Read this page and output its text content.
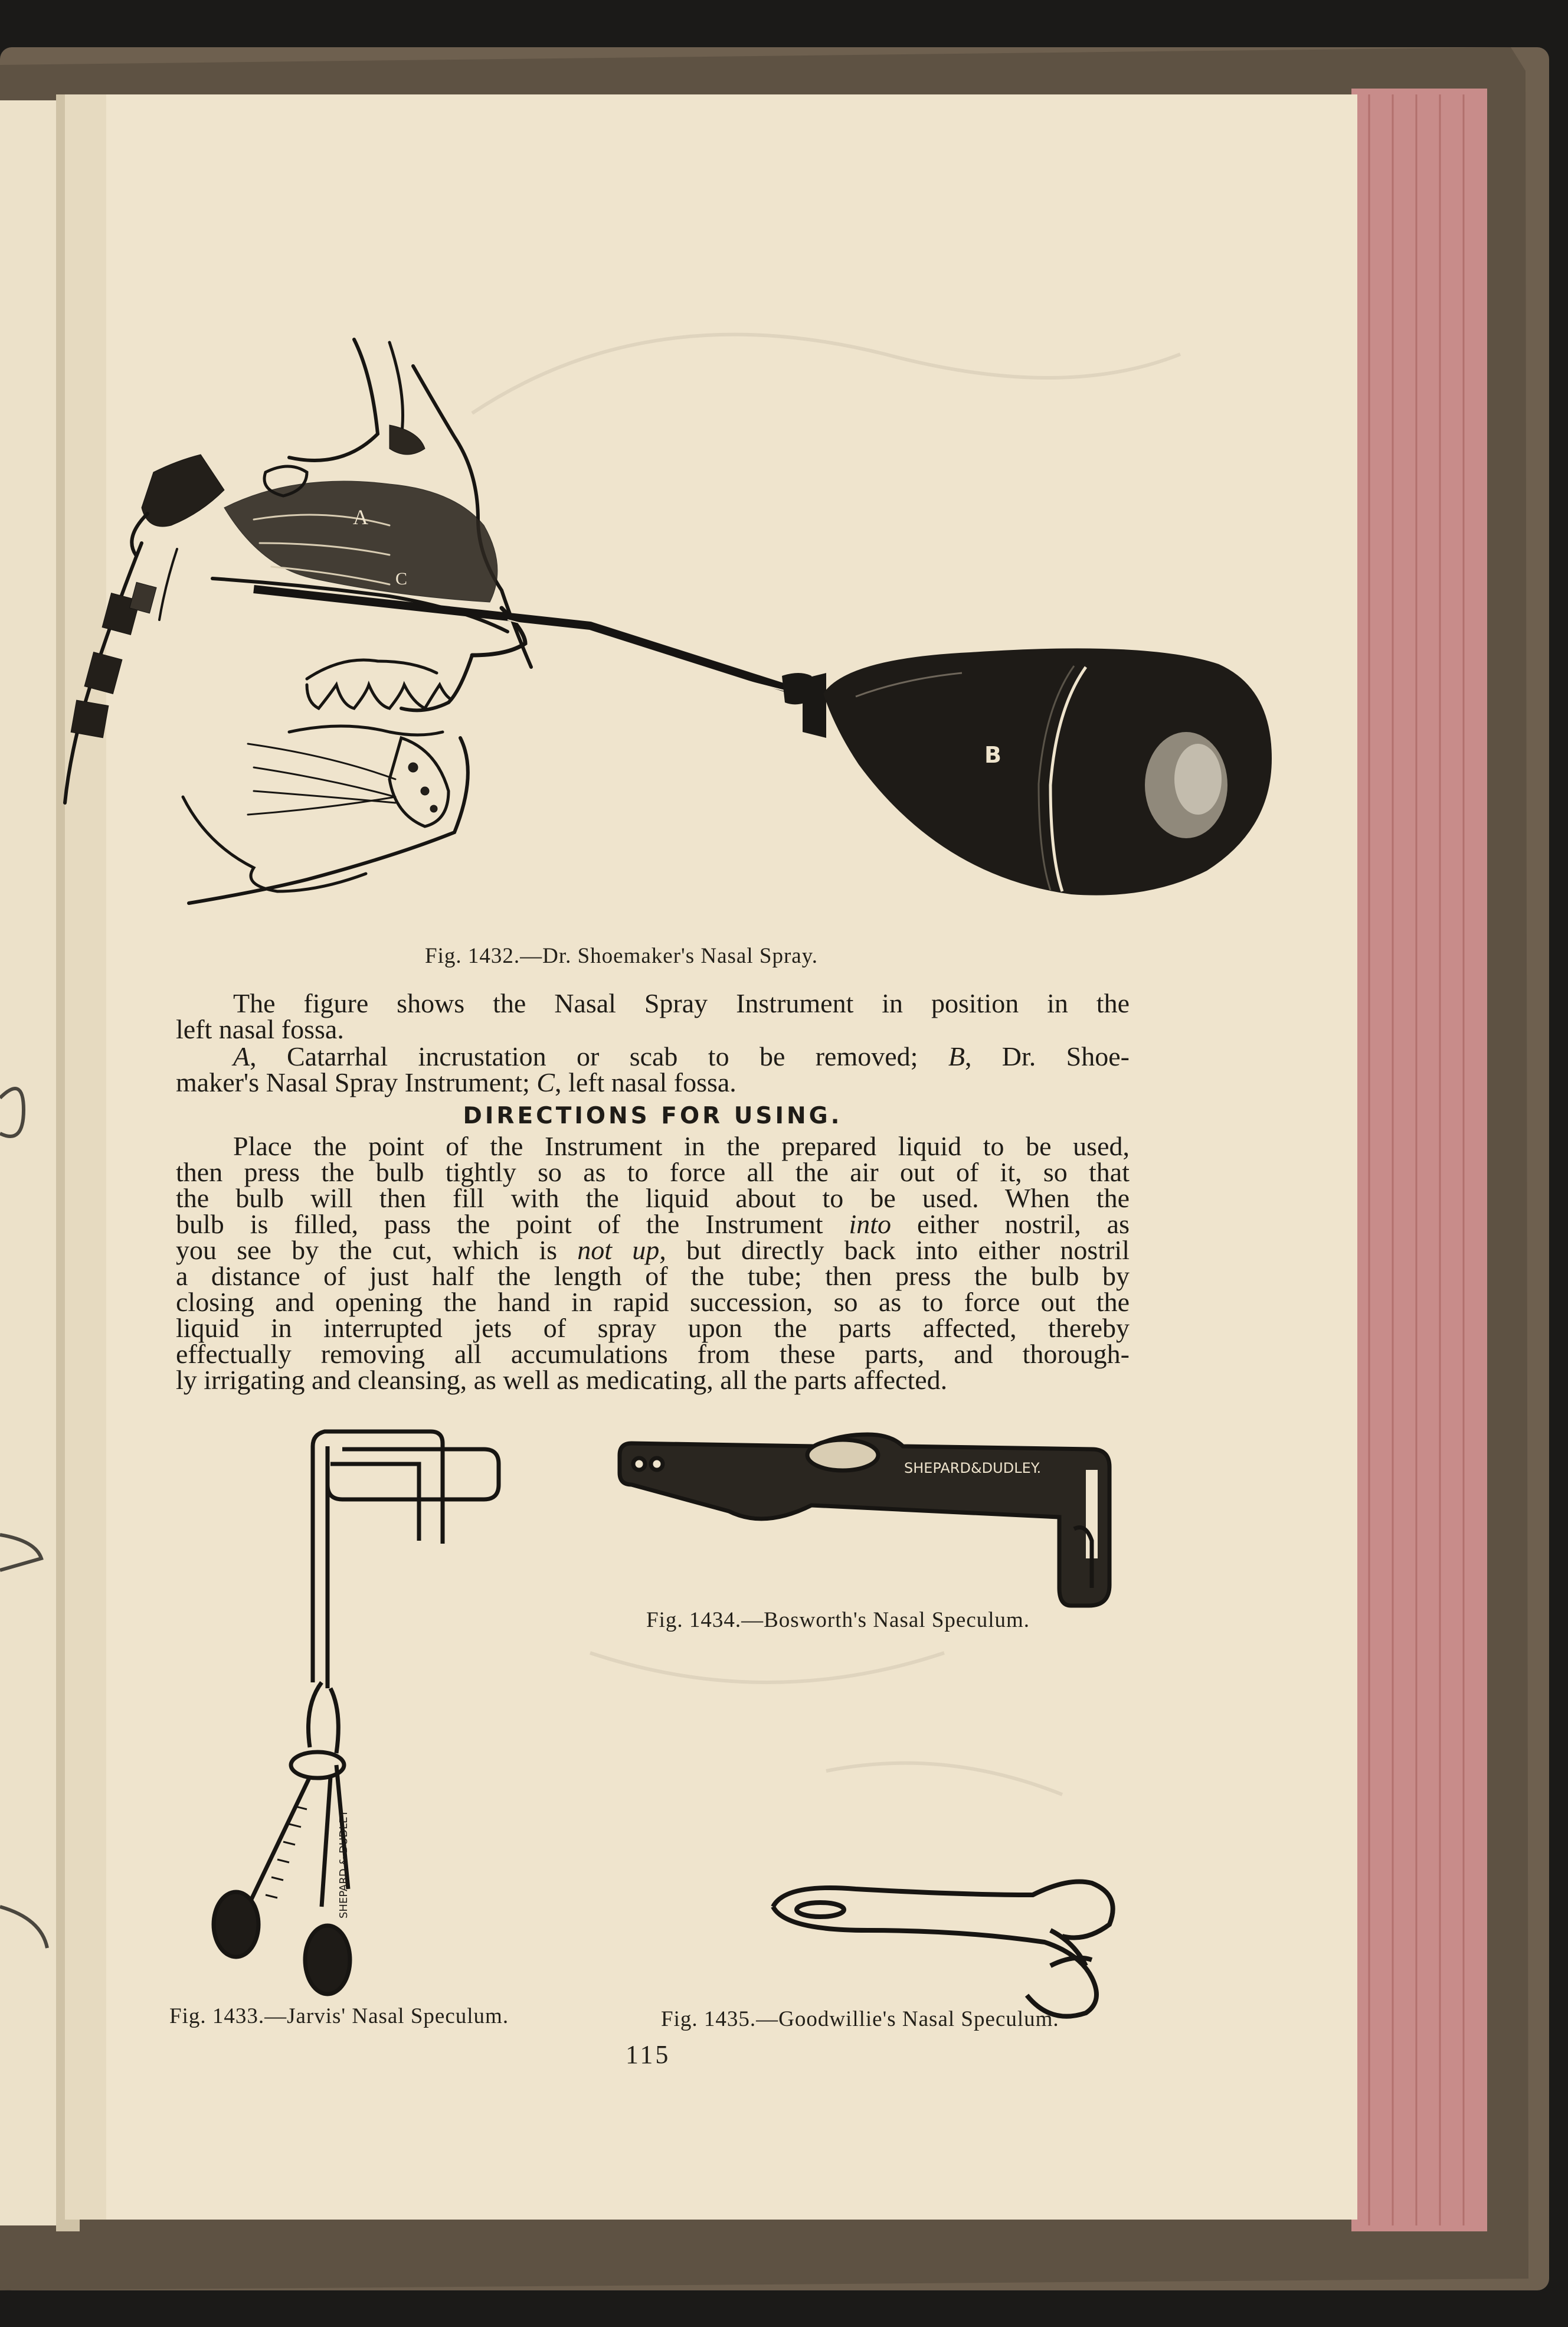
A
C
B
SHEPARD & DUDLEY
SHEPARD&DUDLEY.
Fig. 1432.—Dr. Shoemaker's Nasal Spray.
Fig. 1434.—Bosworth's Nasal Speculum.
Fig. 1433.—Jarvis' Nasal Speculum.	Fig. 1435.—Goodwillie's Nasal Speculum.
The figure shows the Nasal Spray Instrument in position in the
left nasal fossa.
A, Catarrhal incrustation or scab to be removed; B, Dr. Shoe-
maker's Nasal Spray Instrument; C, left nasal fossa.
DIRECTIONS FOR USING.
Place the point of the Instrument in the prepared liquid to be used,
then press the bulb tightly so as to force all the air out of it, so that
the bulb will then fill with the liquid about to be used. When the
bulb is filled, pass the point of the Instrument into either nostril, as
you see by the cut, which is not up, but directly back into either nostril
a distance of just half the length of the tube; then press the bulb by
closing and opening the hand in rapid succession, so as to force out the
liquid in interrupted jets of spray upon the parts affected, thereby
effectually removing all accumulations from these parts, and thorough-
ly irrigating and cleansing, as well as medicating, all the parts affected.
115
